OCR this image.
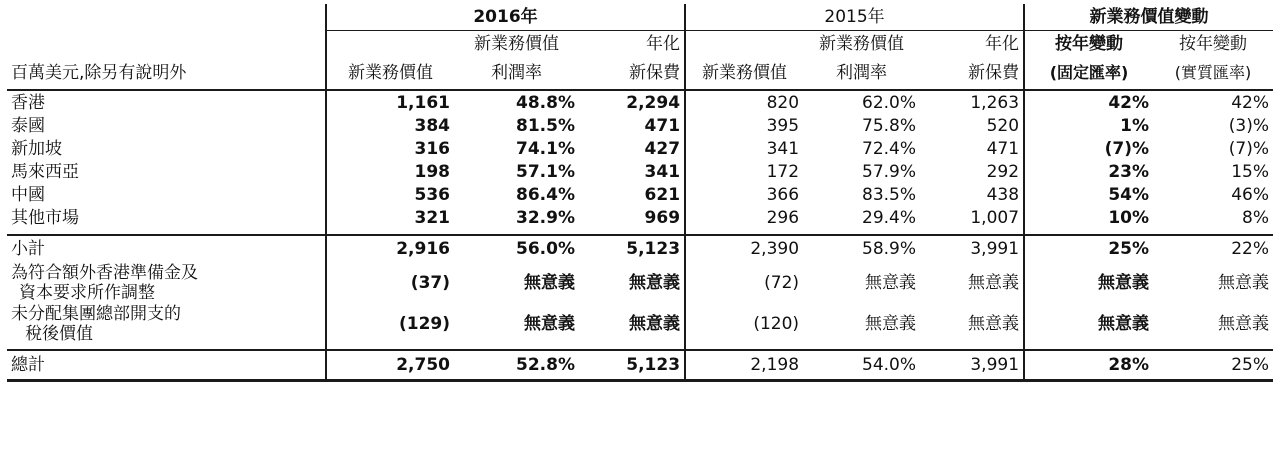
	2016年			2015年			新業務價值變動	
		新業務價值	年化		新業務價值	年化	按年變動	按年變動
百萬美元,除另有說明外	新業務價值	利潤率	新保費	新業務價值	利潤率	新保費	(固定匯率)	(實質匯率)
香港	1,161	48.8%	2,294	820	62.0%	1,263	42%	42%
泰國	384	81.5%	471	395	75.8%	520	1%	(3)%
新加坡	316	74.1%	427	341	72.4%	471	(7)%	(7)%
馬來西亞	198	57.1%	341	172	57.9%	292	23%	15%
中國	536	86.4%	621	366	83.5%	438	54%	46%
其他市場	321	32.9%	969	296	29.4%	1,007	10%	8%

小計	2,916	56.0%	5,123	2,390	58.9%	3,991	25%	22%

為符合額外香港準備金及
資本要求所作調整	(37)	無意義	無意義	(72)	無意義	無意義	無意義	無意義

未分配集團總部開支的
稅後價值	(129)	無意義	無意義	(120)	無意義	無意義	無意義	無意義

總計	2,750	52.8%	5,123	2,198	54.0%	3,991	28%	25%
